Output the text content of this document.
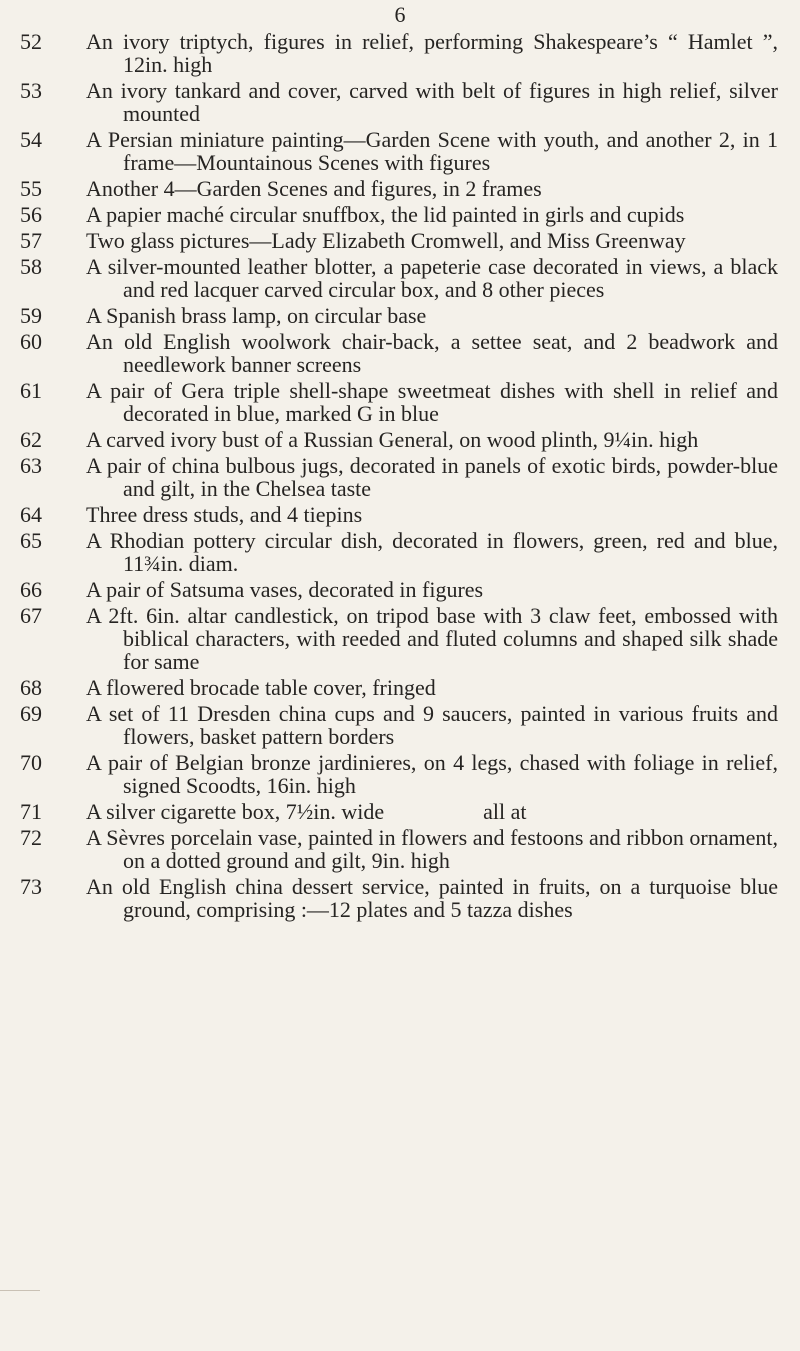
6
52	An ivory triptych, figures in relief, performing Shakespeare’s “ Hamlet ”, 12in. high
53	An ivory tankard and cover, carved with belt of figures in high relief, silver mounted
54	A Persian miniature painting—Garden Scene with youth, and another 2, in 1 frame—Mountainous Scenes with figures
55	Another 4—Garden Scenes and figures, in 2 frames
56	A papier maché circular snuffbox, the lid painted in girls and cupids
57	Two glass pictures—Lady Elizabeth Cromwell, and Miss Greenway
58	A silver-mounted leather blotter, a papeterie case decorated in views, a black and red lacquer carved circular box, and 8 other pieces
59	A Spanish brass lamp, on circular base
60	An old English woolwork chair-back, a settee seat, and 2 beadwork and needlework banner screens
61	A pair of Gera triple shell-shape sweetmeat dishes with shell in relief and decorated in blue, marked G in blue
62	A carved ivory bust of a Russian General, on wood plinth, 9¼in. high
63	A pair of china bulbous jugs, decorated in panels of exotic birds, powder-blue and gilt, in the Chelsea taste
64	Three dress studs, and 4 tiepins
65	A Rhodian pottery circular dish, decorated in flowers, green, red and blue, 11¾in. diam.
66	A pair of Satsuma vases, decorated in figures
67	A 2ft. 6in. altar candlestick, on tripod base with 3 claw feet, embossed with biblical characters, with reeded and fluted columns and shaped silk shade for same
68	A flowered brocade table cover, fringed
69	A set of 11 Dresden china cups and 9 saucers, painted in various fruits and flowers, basket pattern borders
70	A pair of Belgian bronze jardinieres, on 4 legs, chased with foliage in relief, signed Scoodts, 16in. high
71	A silver cigarette box, 7½in. wide                  all at
72	A Sèvres porcelain vase, painted in flowers and festoons and ribbon ornament, on a dotted ground and gilt, 9in. high
73	An old English china dessert service, painted in fruits, on a turquoise blue ground, comprising :—12 plates and 5 tazza dishes
